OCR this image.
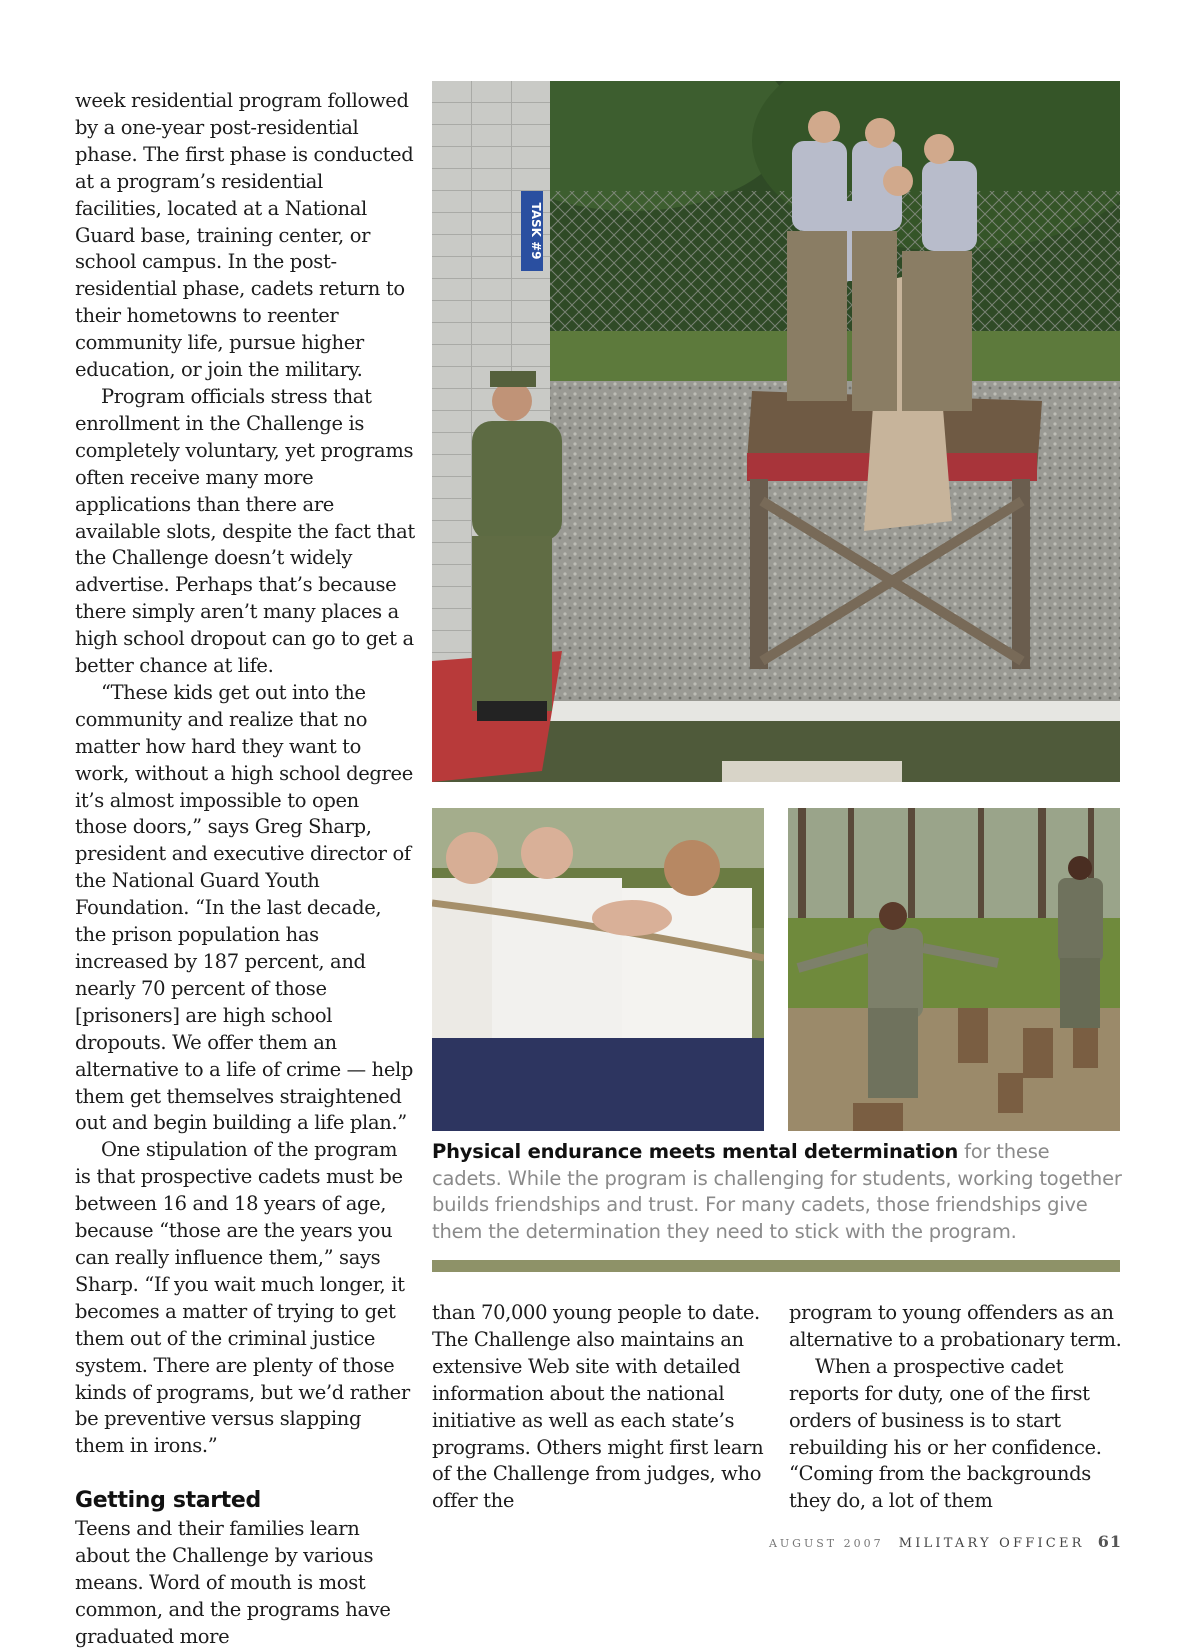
week residential program followed by a one-year post-residential phase. The first phase is conducted at a program’s residential facilities, located at a National Guard base, training center, or school campus. In the post-residential phase, cadets return to their hometowns to reenter community life, pursue higher education, or join the military.

Program officials stress that enrollment in the Challenge is completely voluntary, yet programs often receive many more applications than there are available slots, despite the fact that the Challenge doesn’t widely advertise. Perhaps that’s because there simply aren’t many places a high school dropout can go to get a better chance at life.

“These kids get out into the community and realize that no matter how hard they want to work, without a high school degree it’s almost impossible to open those doors,” says Greg Sharp, president and executive director of the National Guard Youth Foundation. “In the last decade, the prison population has increased by 187 percent, and nearly 70 percent of those [prisoners] are high school dropouts. We offer them an alternative to a life of crime — help them get themselves straightened out and begin building a life plan.”

One stipulation of the program is that prospective cadets must be between 16 and 18 years of age, because “those are the years you can really influence them,” says Sharp. “If you wait much longer, it becomes a matter of trying to get them out of the criminal justice system. There are plenty of those kinds of programs, but we’d rather be preventive versus slapping them in irons.”

Getting started

Teens and their families learn about the Challenge by various means. Word of mouth is most common, and the programs have graduated more

TASK #9
Physical endurance meets mental determination for these cadets. While the program is challenging for students, working together builds friendships and trust. For many cadets, those friendships give them the determination they need to stick with the program.

than 70,000 young people to date. The Challenge also maintains an extensive Web site with detailed information about the national initiative as well as each state’s programs. Others might first learn of the Challenge from judges, who offer the

program to young offenders as an alternative to a probationary term.

When a prospective cadet reports for duty, one of the first orders of business is to start rebuilding his or her confidence. “Coming from the backgrounds they do, a lot of them

AUGUST 2007 MILITARY OFFICER 61
